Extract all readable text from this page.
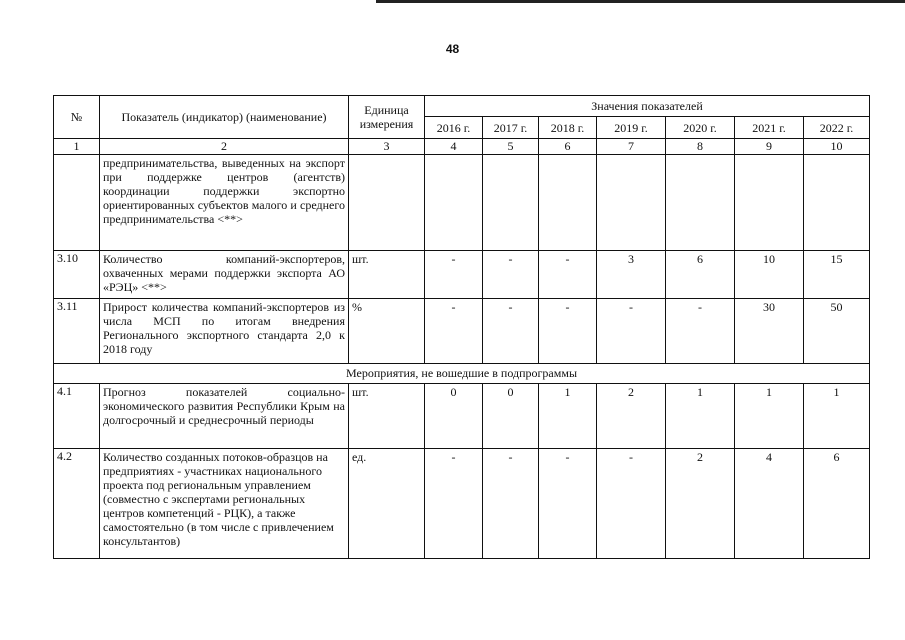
48
№	Показатель (индикатор) (наименование)	Единица измерения	Значения показателей						
			2016 г.	2017 г.	2018 г.	2019 г.	2020 г.	2021 г.	2022 г.
1	2	3	4	5	6	7	8	9	10
	предпринимательства, выведенных на экспорт при поддержке центров (агентств) координации поддержки экспортно ориентированных субъектов малого и среднего предпринимательства <**>								
3.10	Количество компаний-экспортеров, охваченных мерами поддержки экспорта АО «РЭЦ» <**>	шт.	-	-	-	3	6	10	15
3.11	Прирост количества компаний-экспортеров из числа МСП по итогам внедрения Регионального экспортного стандарта 2,0 к 2018 году	%	-	-	-	-	-	30	50
Мероприятия, не вошедшие в подпрограммы									
4.1	Прогноз показателей социально-экономического развития Республики Крым на долгосрочный и среднесрочный периоды	шт.	0	0	1	2	1	1	1
4.2	Количество созданных потоков-образцов на предприятиях - участниках национального проекта под региональным управлением (совместно с экспертами региональных центров компетенций - РЦК), а также самостоятельно (в том числе с привлечением консультантов)	ед.	-	-	-	-	2	4	6
